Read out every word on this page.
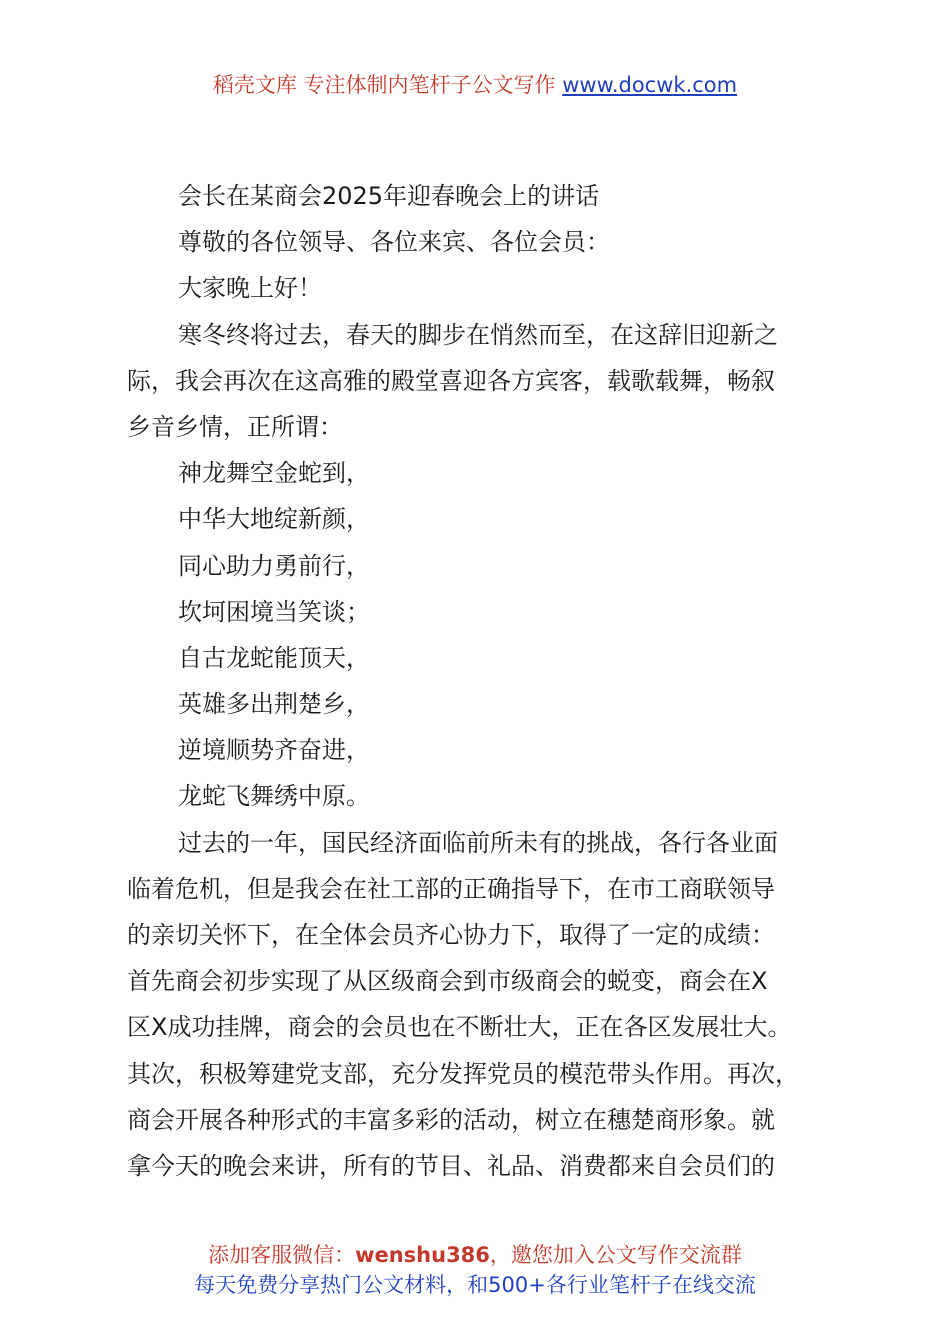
稻壳文库 专注体制内笔杆子公文写作 www.docwk.com
会长在某商会2025年迎春晚会上的讲话
尊敬的各位领导、各位来宾、各位会员：
大家晚上好！
寒冬终将过去，春天的脚步在悄然而至，在这辞旧迎新之
际，我会再次在这高雅的殿堂喜迎各方宾客，载歌载舞，畅叙
乡音乡情，正所谓：
神龙舞空金蛇到，
中华大地绽新颜，
同心助力勇前行，
坎坷困境当笑谈；
自古龙蛇能顶天，
英雄多出荆楚乡，
逆境顺势齐奋进，
龙蛇飞舞绣中原。
过去的一年，国民经济面临前所未有的挑战，各行各业面
临着危机，但是我会在社工部的正确指导下，在市工商联领导
的亲切关怀下，在全体会员齐心协力下，取得了一定的成绩：
首先商会初步实现了从区级商会到市级商会的蜕变，商会在X
区X成功挂牌，商会的会员也在不断壮大，正在各区发展壮大。
其次，积极筹建党支部，充分发挥党员的模范带头作用。再次，
商会开展各种形式的丰富多彩的活动，树立在穗楚商形象。就
拿今天的晚会来讲，所有的节目、礼品、消费都来自会员们的
添加客服微信：wenshu386，邀您加入公文写作交流群
每天免费分享热门公文材料，和500+各行业笔杆子在线交流
